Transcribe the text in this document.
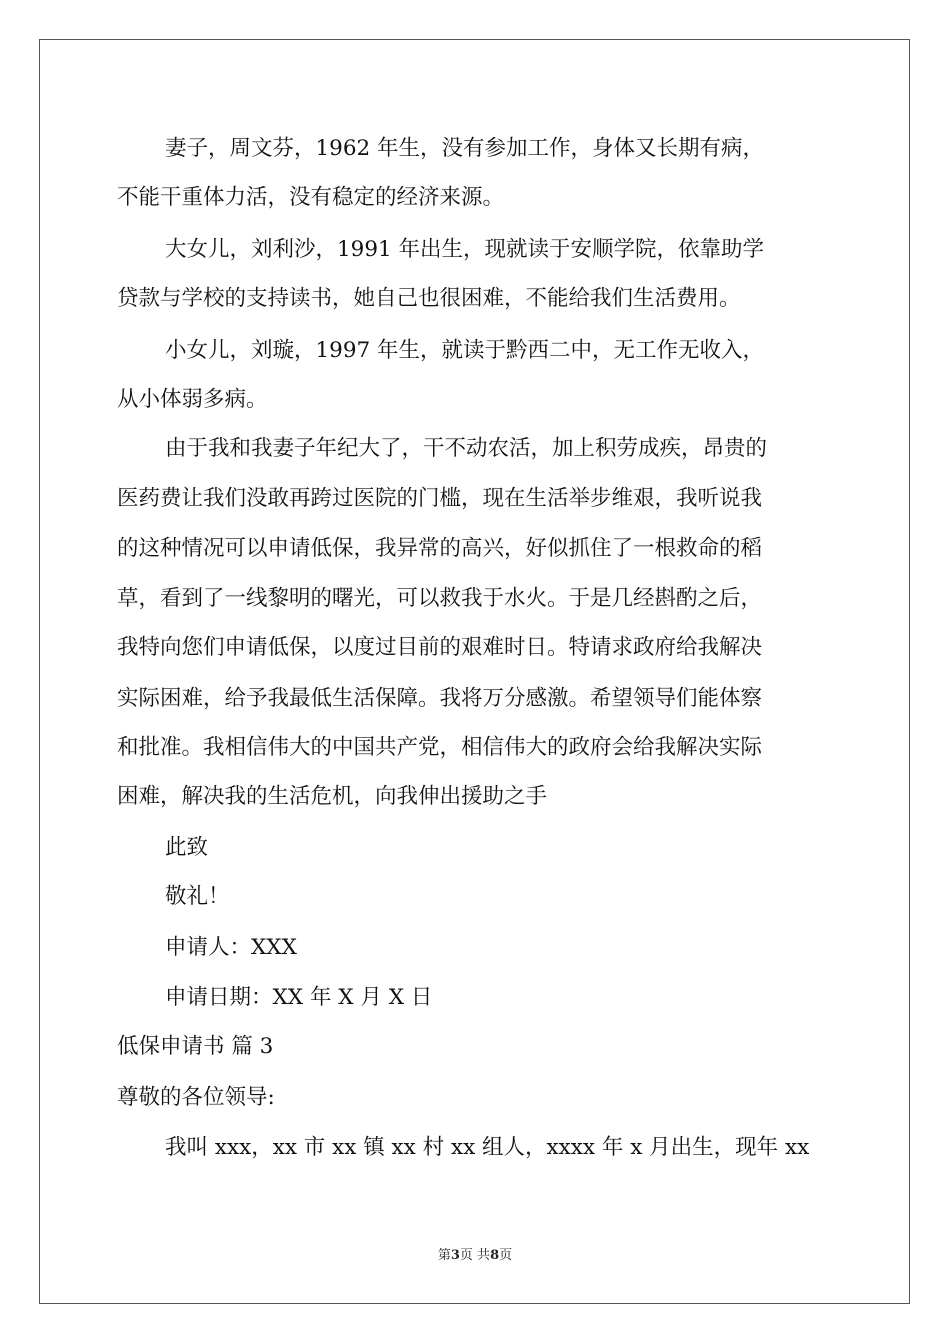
妻子，周文芬，1962 年生，没有参加工作，身体又长期有病，
不能干重体力活，没有稳定的经济来源。
大女儿，刘利沙，1991 年出生，现就读于安顺学院，依靠助学
贷款与学校的支持读书，她自己也很困难，不能给我们生活费用。
小女儿，刘璇，1997 年生，就读于黔西二中，无工作无收入，
从小体弱多病。
由于我和我妻子年纪大了，干不动农活，加上积劳成疾，昂贵的
医药费让我们没敢再跨过医院的门槛，现在生活举步维艰，我听说我
的这种情况可以申请低保，我异常的高兴，好似抓住了一根救命的稻
草，看到了一线黎明的曙光，可以救我于水火。于是几经斟酌之后，
我特向您们申请低保，以度过目前的艰难时日。特请求政府给我解决
实际困难，给予我最低生活保障。我将万分感激。希望领导们能体察
和批准。我相信伟大的中国共产党，相信伟大的政府会给我解决实际
困难，解决我的生活危机，向我伸出援助之手
此致
敬礼！
申请人：XXX
申请日期：XX 年 X 月 X 日
低保申请书 篇 3
尊敬的各位领导:
我叫 xxx，xx 市 xx 镇 xx 村 xx 组人，xxxx 年 x 月出生，现年 xx
第3页 共8页
